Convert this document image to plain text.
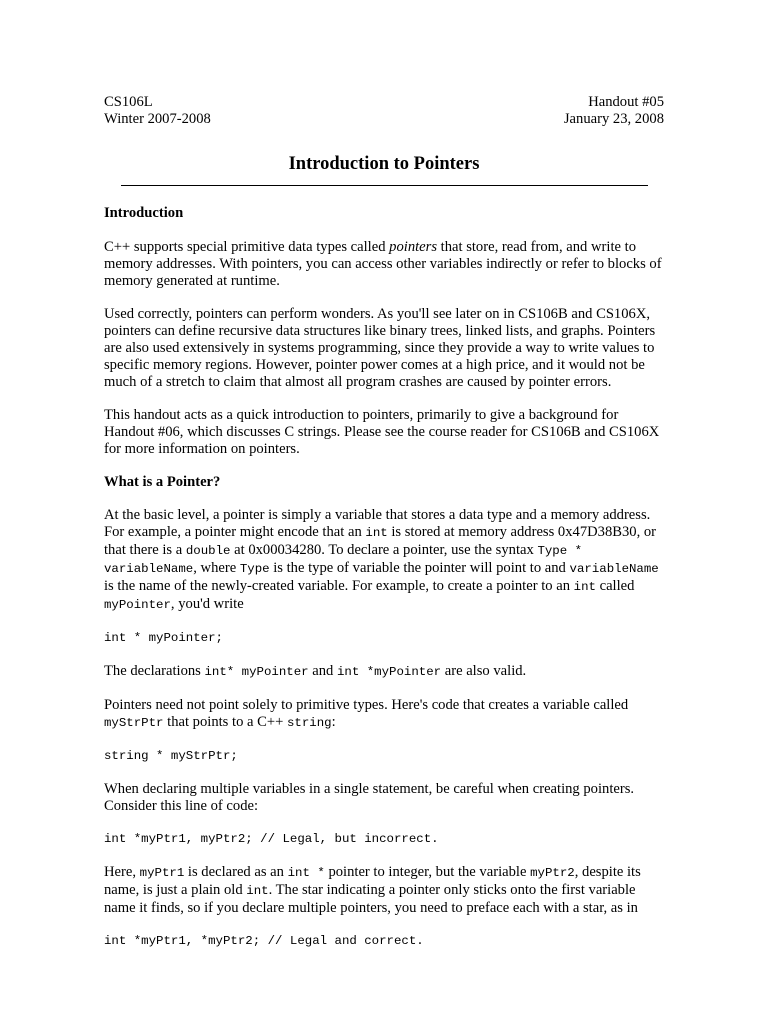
CS106L
Winter 2007-2008
Handout #05
January 23, 2008
Introduction to Pointers
Introduction

C++ supports special primitive data types called pointers that store, read from, and write to memory addresses. With pointers, you can access other variables indirectly or refer to blocks of memory generated at runtime.

Used correctly, pointers can perform wonders. As you'll see later on in CS106B and CS106X, pointers can define recursive data structures like binary trees, linked lists, and graphs. Pointers are also used extensively in systems programming, since they provide a way to write values to specific memory regions. However, pointer power comes at a high price, and it would not be much of a stretch to claim that almost all program crashes are caused by pointer errors.

This handout acts as a quick introduction to pointers, primarily to give a background for Handout #06, which discusses C strings. Please see the course reader for CS106B and CS106X for more information on pointers.

What is a Pointer?

At the basic level, a pointer is simply a variable that stores a data type and a memory address. For example, a pointer might encode that an int is stored at memory address 0x47D38B30, or that there is a double at 0x00034280. To declare a pointer, use the syntax Type * variableName, where Type is the type of variable the pointer will point to and variableName is the name of the newly-created variable. For example, to create a pointer to an int called myPointer, you'd write

int * myPointer;

The declarations int* myPointer and int *myPointer are also valid.

Pointers need not point solely to primitive types. Here's code that creates a variable called myStrPtr that points to a C++ string:

string * myStrPtr;

When declaring multiple variables in a single statement, be careful when creating pointers. Consider this line of code:

int *myPtr1, myPtr2; // Legal, but incorrect.

Here, myPtr1 is declared as an int * pointer to integer, but the variable myPtr2, despite its name, is just a plain old int. The star indicating a pointer only sticks onto the first variable name it finds, so if you declare multiple pointers, you need to preface each with a star, as in

int *myPtr1, *myPtr2; // Legal and correct.
